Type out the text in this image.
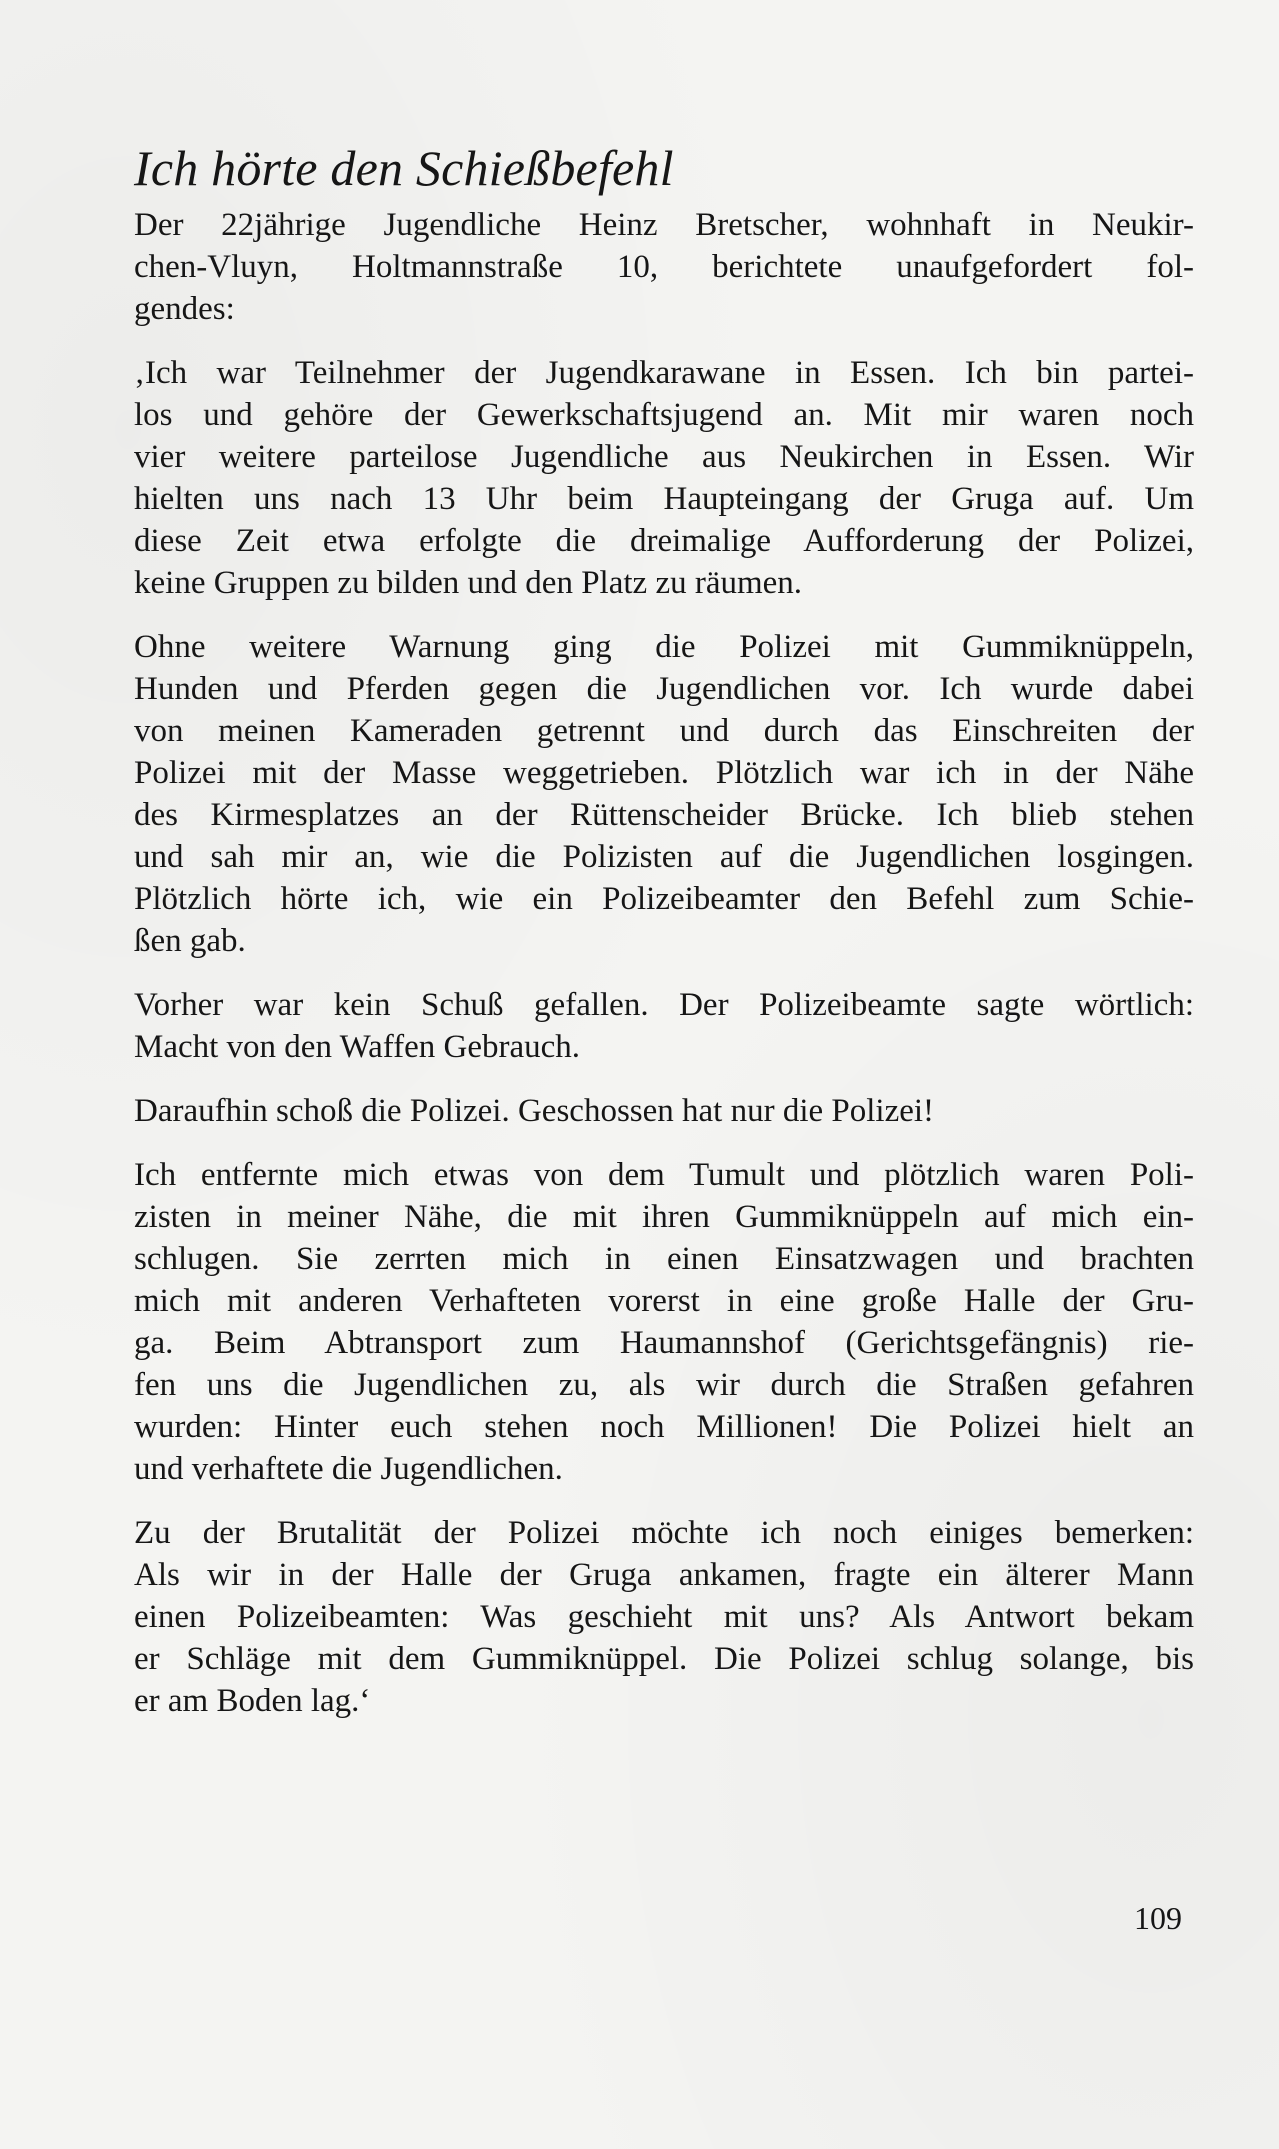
Ich hörte den Schießbefehl
Der 22jährige Jugendliche Heinz Bretscher, wohnhaft in Neukir-
chen-Vluyn, Holtmannstraße 10, berichtete unaufgefordert fol-
gendes:
‚Ich war Teilnehmer der Jugendkarawane in Essen. Ich bin partei-
los und gehöre der Gewerkschaftsjugend an. Mit mir waren noch
vier weitere parteilose Jugendliche aus Neukirchen in Essen. Wir
hielten uns nach 13 Uhr beim Haupteingang der Gruga auf. Um
diese Zeit etwa erfolgte die dreimalige Aufforderung der Polizei,
keine Gruppen zu bilden und den Platz zu räumen.
Ohne weitere Warnung ging die Polizei mit Gummiknüppeln,
Hunden und Pferden gegen die Jugendlichen vor. Ich wurde dabei
von meinen Kameraden getrennt und durch das Einschreiten der
Polizei mit der Masse weggetrieben. Plötzlich war ich in der Nähe
des Kirmesplatzes an der Rüttenscheider Brücke. Ich blieb stehen
und sah mir an, wie die Polizisten auf die Jugendlichen losgingen.
Plötzlich hörte ich, wie ein Polizeibeamter den Befehl zum Schie-
ßen gab.
Vorher war kein Schuß gefallen. Der Polizeibeamte sagte wörtlich:
Macht von den Waffen Gebrauch.
Daraufhin schoß die Polizei. Geschossen hat nur die Polizei!
Ich entfernte mich etwas von dem Tumult und plötzlich waren Poli-
zisten in meiner Nähe, die mit ihren Gummiknüppeln auf mich ein-
schlugen. Sie zerrten mich in einen Einsatzwagen und brachten
mich mit anderen Verhafteten vorerst in eine große Halle der Gru-
ga. Beim Abtransport zum Haumannshof (Gerichtsgefängnis) rie-
fen uns die Jugendlichen zu, als wir durch die Straßen gefahren
wurden: Hinter euch stehen noch Millionen! Die Polizei hielt an
und verhaftete die Jugendlichen.
Zu der Brutalität der Polizei möchte ich noch einiges bemerken:
Als wir in der Halle der Gruga ankamen, fragte ein älterer Mann
einen Polizeibeamten: Was geschieht mit uns? Als Antwort bekam
er Schläge mit dem Gummiknüppel. Die Polizei schlug solange, bis
er am Boden lag.‘
109
